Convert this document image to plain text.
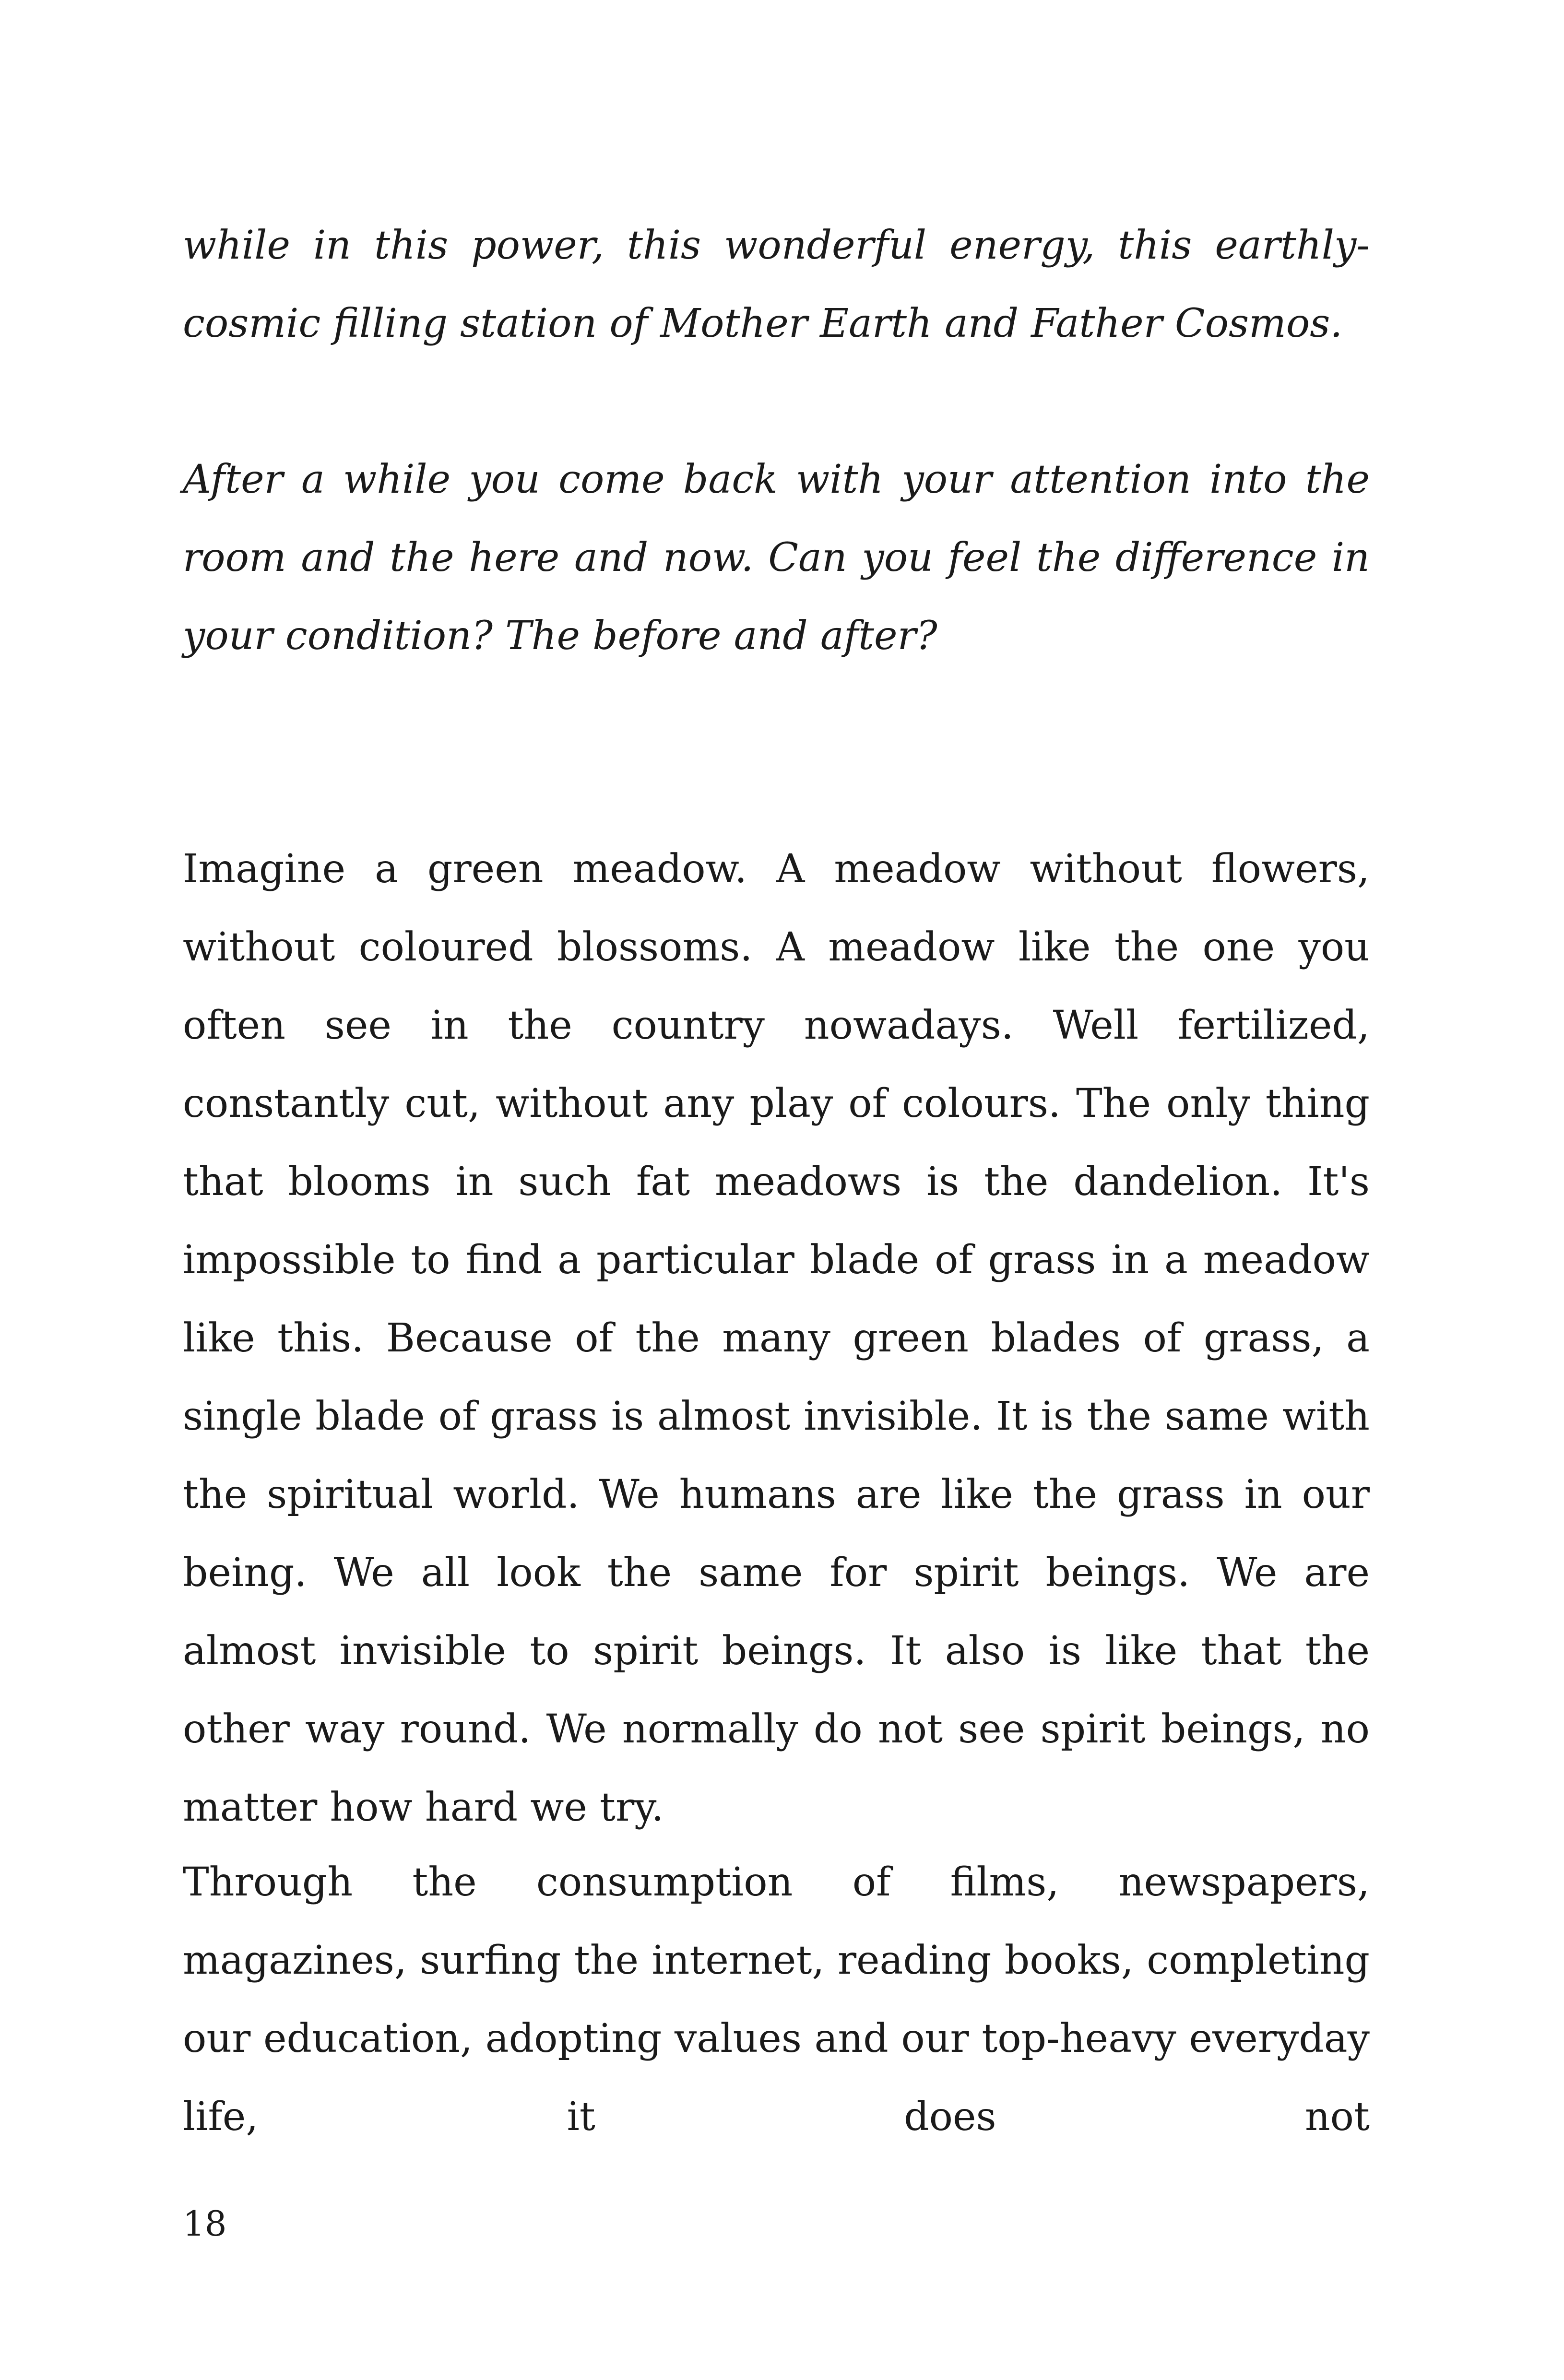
while in this power, this wonderful energy, this earthly-cosmic filling station of Mother Earth and Father Cosmos.

After a while you come back with your attention into the room and the here and now. Can you feel the difference in your condition? The before and after?

Imagine a green meadow. A meadow without flowers, without coloured blossoms. A meadow like the one you often see in the country nowadays. Well fertilized, constantly cut, without any play of colours. The only thing that blooms in such fat meadows is the dandelion. It's impossible to find a particular blade of grass in a meadow like this. Because of the many green blades of grass, a single blade of grass is almost invisible. It is the same with the spiritual world. We humans are like the grass in our being. We all look the same for spirit beings. We are almost invisible to spirit beings. It also is like that the other way round. We normally do not see spirit beings, no matter how hard we try.

Through the consumption of films, newspapers, magazines, surfing the internet, reading books, completing our education, adopting values and our top-heavy everyday life, it does not

18
